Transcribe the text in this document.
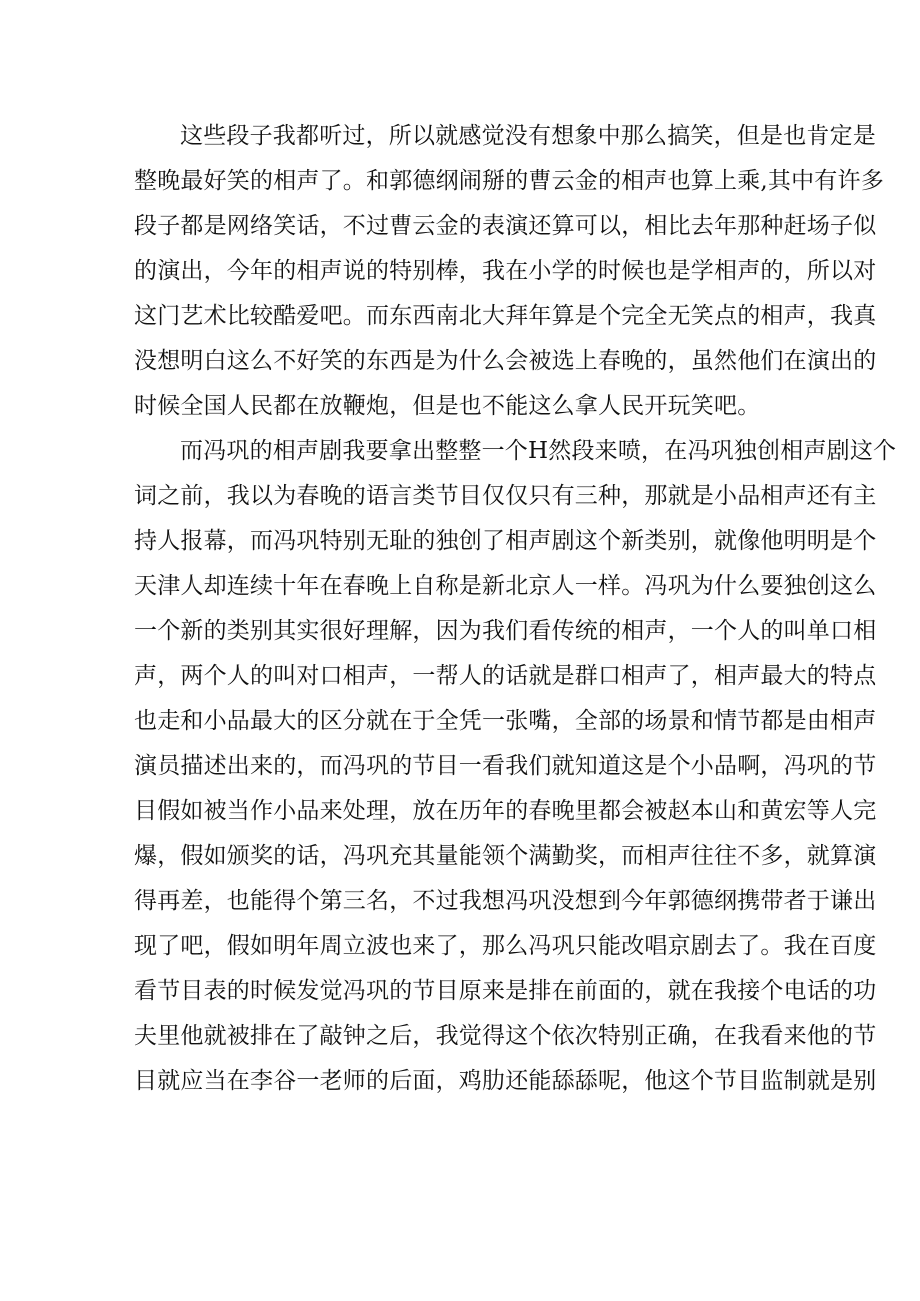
这些段子我都听过，所以就感觉没有想象中那么搞笑，但是也肯定是
整晚最好笑的相声了。和郭德纲闹掰的曹云金的相声也算上乘,其中有许多
段子都是网络笑话，不过曹云金的表演还算可以，相比去年那种赶场子似
的演出，今年的相声说的特别棒，我在小学的时候也是学相声的，所以对
这门艺术比较酷爱吧。而东西南北大拜年算是个完全无笑点的相声，我真
没想明白这么不好笑的东西是为什么会被选上春晚的，虽然他们在演出的
时候全国人民都在放鞭炮，但是也不能这么拿人民开玩笑吧。
而冯巩的相声剧我要拿出整整一个H然段来喷，在冯巩独创相声剧这个
词之前，我以为春晚的语言类节目仅仅只有三种，那就是小品相声还有主
持人报幕，而冯巩特别无耻的独创了相声剧这个新类别，就像他明明是个
天津人却连续十年在春晚上自称是新北京人一样。冯巩为什么要独创这么
一个新的类别其实很好理解，因为我们看传统的相声，一个人的叫单口相
声，两个人的叫对口相声，一帮人的话就是群口相声了，相声最大的特点
也走和小品最大的区分就在于全凭一张嘴，全部的场景和情节都是由相声
演员描述出来的，而冯巩的节目一看我们就知道这是个小品啊，冯巩的节
目假如被当作小品来处理，放在历年的春晚里都会被赵本山和黄宏等人完
爆，假如颁奖的话，冯巩充其量能领个满勤奖，而相声往往不多，就算演
得再差，也能得个第三名，不过我想冯巩没想到今年郭德纲携带者于谦出
现了吧，假如明年周立波也来了，那么冯巩只能改唱京剧去了。我在百度
看节目表的时候发觉冯巩的节目原来是排在前面的，就在我接个电话的功
夫里他就被排在了敲钟之后，我觉得这个依次特别正确，在我看来他的节
目就应当在李谷一老师的后面，鸡肋还能舔舔呢，他这个节目监制就是别
